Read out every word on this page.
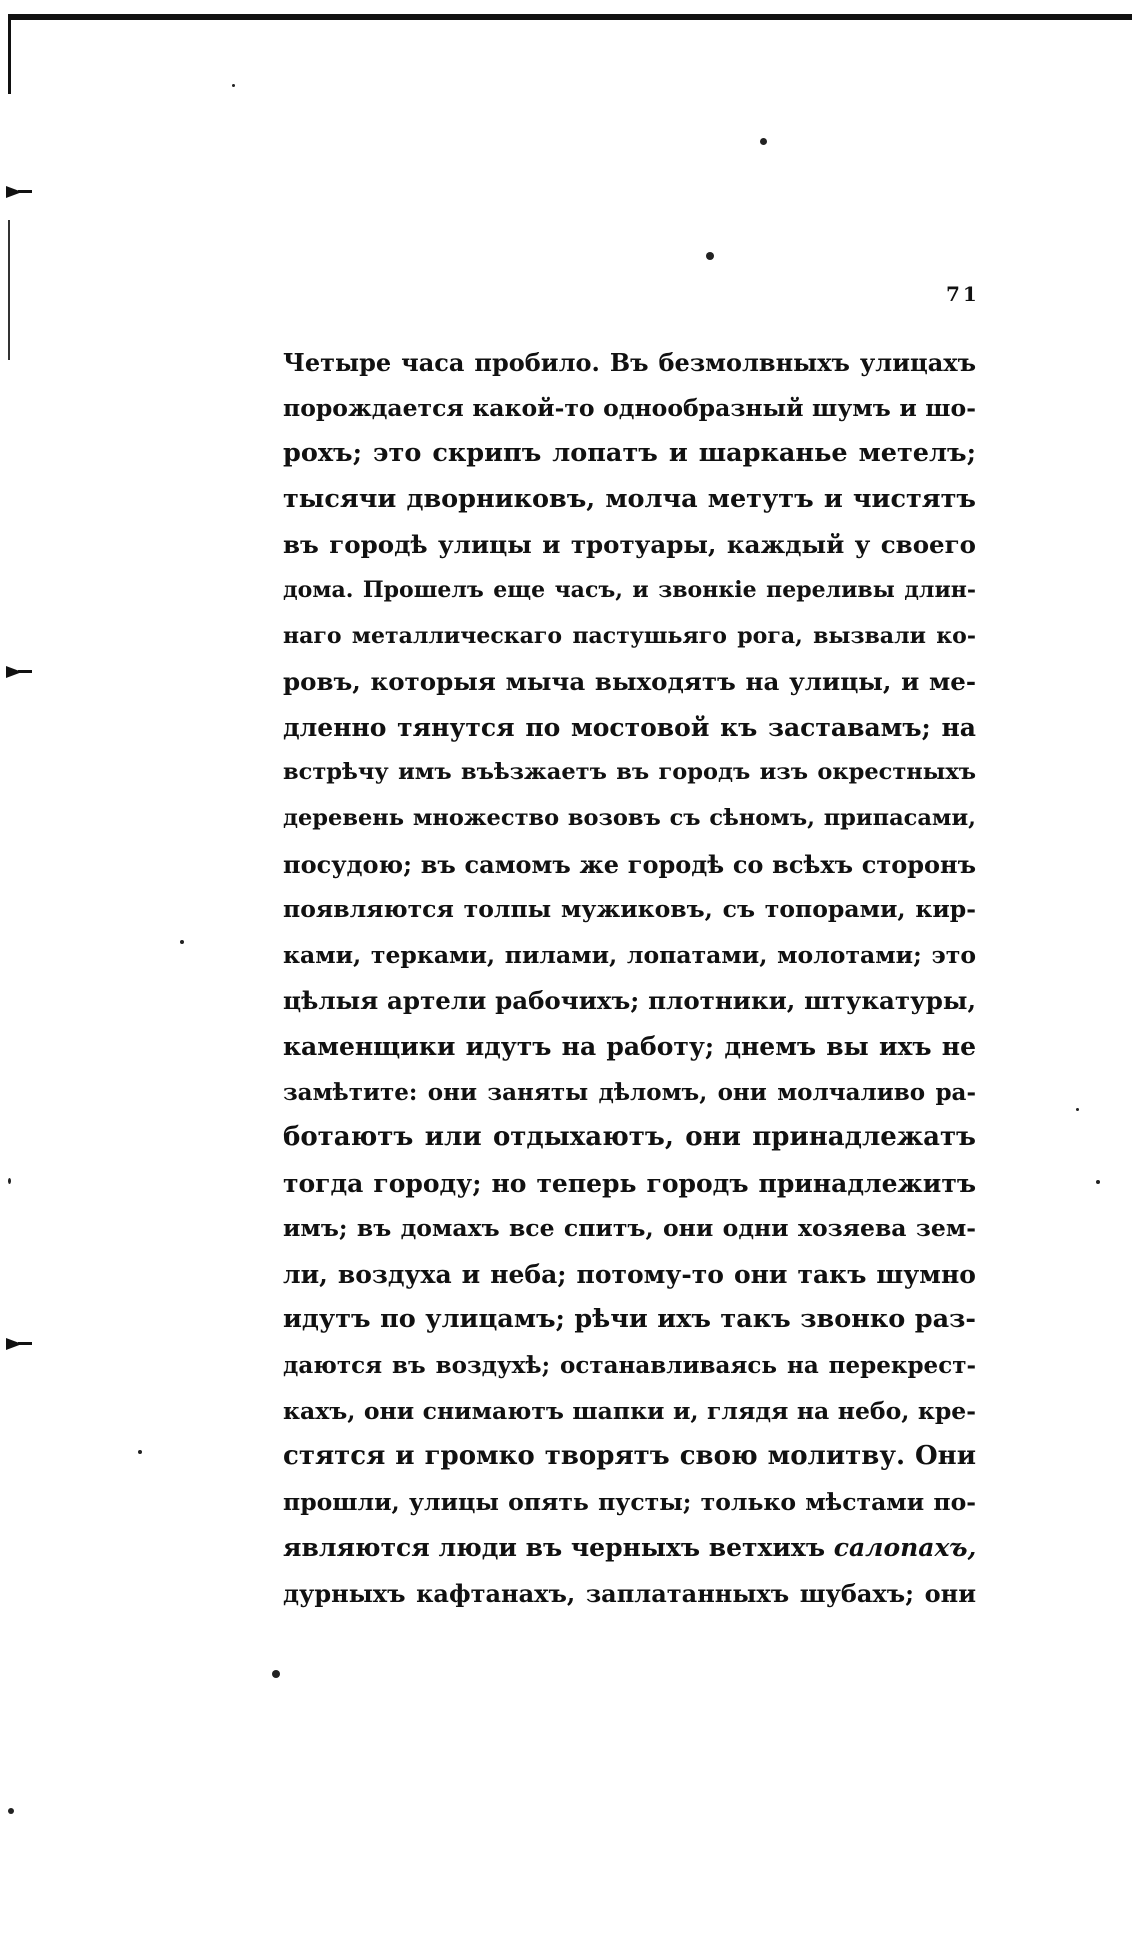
71
Четыре часа пробило. Въ безмолвныхъ улицахъ
порождается какой-то однообразный шумъ и шо-
рохъ; это скрипъ лопатъ и шарканье метелъ;
тысячи дворниковъ, молча метутъ и чистятъ
въ городѣ улицы и тротуары, каждый у своего
дома. Прошелъ еще часъ, и звонкіе переливы длин-
наго металлическаго пастушьяго рога, вызвали ко-
ровъ, которыя мыча выходятъ на улицы, и ме-
дленно тянутся по мостовой къ заставамъ; на
встрѣчу имъ въѣзжаетъ въ городъ изъ окрестныхъ
деревень множество возовъ съ сѣномъ, припасами,
посудою; въ самомъ же городѣ со всѣхъ сторонъ
появляются толпы мужиковъ, съ топорами, кир-
ками, терками, пилами, лопатами, молотами; это
цѣлыя артели рабочихъ; плотники, штукатуры,
каменщики идутъ на работу; днемъ вы ихъ не
замѣтите: они заняты дѣломъ, они молчаливо ра-
ботаютъ или отдыхаютъ, они принадлежатъ
тогда городу; но теперь городъ принадлежитъ
имъ; въ домахъ все спитъ, они одни хозяева зем-
ли, воздуха и неба; потому-то они такъ шумно
идутъ по улицамъ; рѣчи ихъ такъ звонко раз-
даются въ воздухѣ; останавливаясь на перекрест-
кахъ, они снимаютъ шапки и, глядя на небо, кре-
стятся и громко творятъ свою молитву. Они
прошли, улицы опять пусты; только мѣстами по-
являются люди въ черныхъ ветхихъ салопахъ,
дурныхъ кафтанахъ, заплатанныхъ шубахъ; они
